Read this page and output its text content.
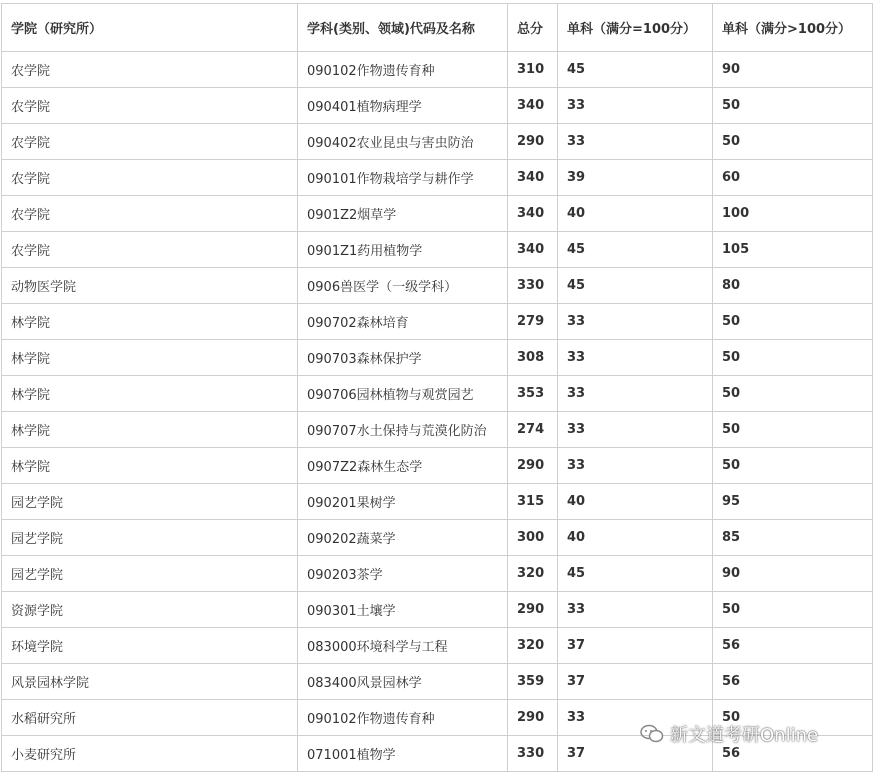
学院（研究所）	学科(类别、领域)代码及名称	总分	单科（满分=100分）	单科（满分>100分）
农学院	090102作物遗传育种	310	45	90
农学院	090401植物病理学	340	33	50
农学院	090402农业昆虫与害虫防治	290	33	50
农学院	090101作物栽培学与耕作学	340	39	60
农学院	0901Z2烟草学	340	40	100
农学院	0901Z1药用植物学	340	45	105
动物医学院	0906兽医学（一级学科）	330	45	80
林学院	090702森林培育	279	33	50
林学院	090703森林保护学	308	33	50
林学院	090706园林植物与观赏园艺	353	33	50
林学院	090707水土保持与荒漠化防治	274	33	50
林学院	0907Z2森林生态学	290	33	50
园艺学院	090201果树学	315	40	95
园艺学院	090202蔬菜学	300	40	85
园艺学院	090203茶学	320	45	90
资源学院	090301土壤学	290	33	50
环境学院	083000环境科学与工程	320	37	56
风景园林学院	083400风景园林学	359	37	56
水稻研究所	090102作物遗传育种	290	33	50
小麦研究所	071001植物学	330	37	56
新文道考研Online
